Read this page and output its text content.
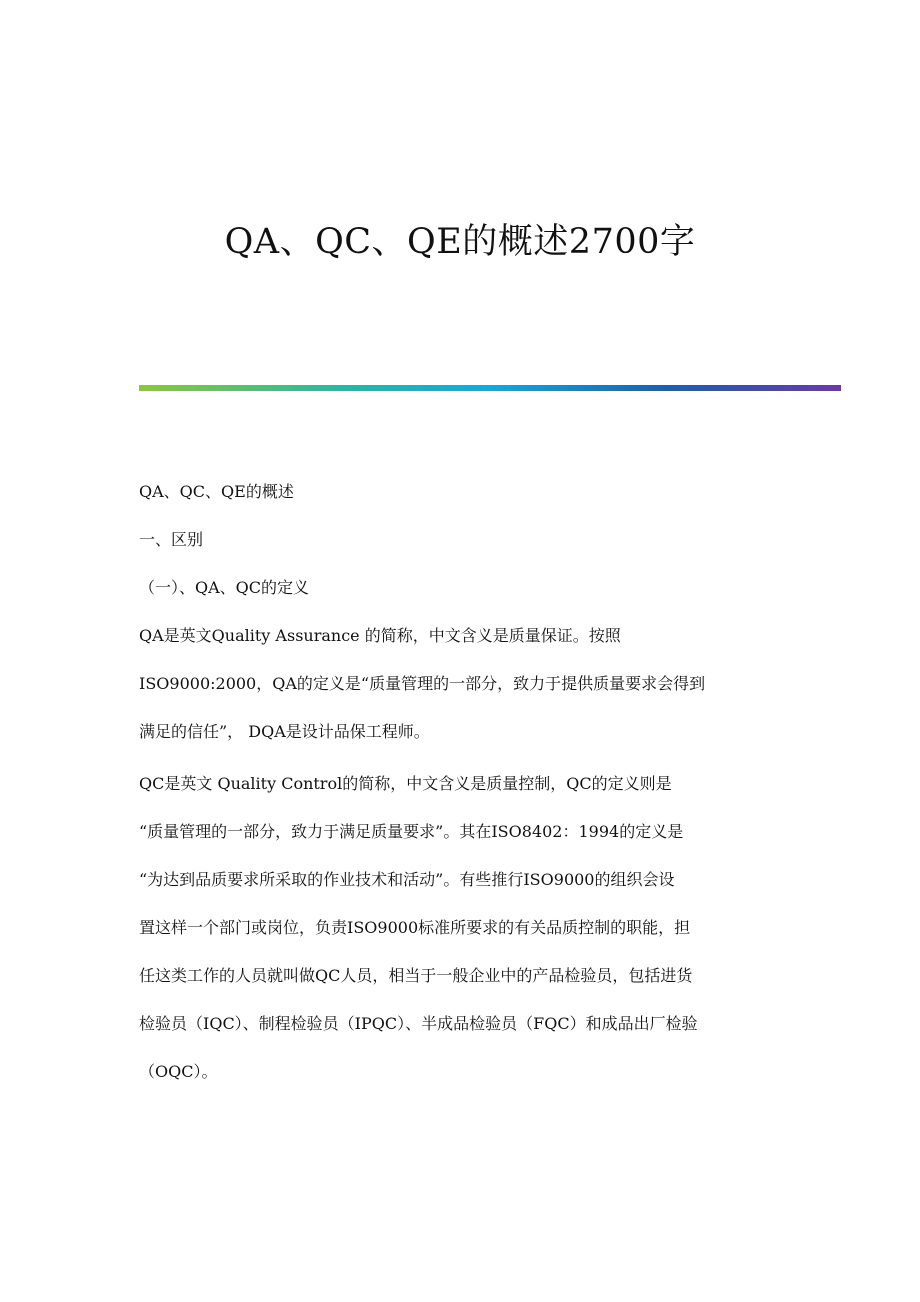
QA、QC、QE的概述2700字

QA、QC、QE的概述

一、区别

（一）、QA、QC的定义

QA是英文Quality Assurance 的简称，中文含义是质量保证。按照
ISO9000:2000，QA的定义是“质量管理的一部分，致力于提供质量要求会得到
满足的信任”， DQA是设计品保工程师。

QC是英文 Quality Control的简称，中文含义是质量控制，QC的定义则是
“质量管理的一部分，致力于满足质量要求”。其在ISO8402：1994的定义是
“为达到品质要求所采取的作业技术和活动”。有些推行ISO9000的组织会设
置这样一个部门或岗位，负责ISO9000标准所要求的有关品质控制的职能，担
任这类工作的人员就叫做QC人员，相当于一般企业中的产品检验员，包括进货
检验员（IQC）、制程检验员（IPQC）、半成品检验员（FQC）和成品出厂检验
（OQC）。
